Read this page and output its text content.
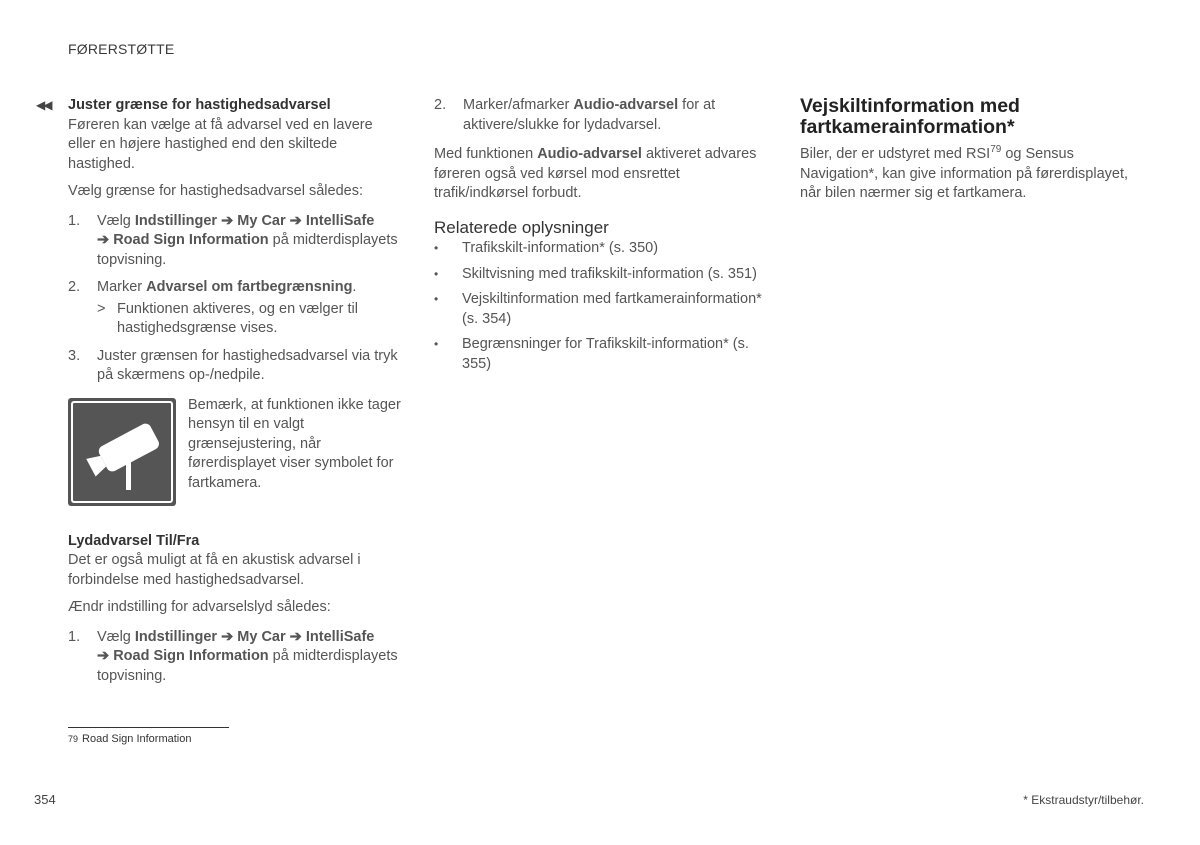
FØRERSTØTTE
◀◀ Juster grænse for hastighedsadvarsel

Føreren kan vælge at få advarsel ved en lavere eller en højere hastighed end den skiltede hastighed.

Vælg grænse for hastighedsadvarsel således:

1.	Vælg Indstillinger ➔ My Car ➔ IntelliSafe
➔ Road Sign Information på midterdisplayets topvisning.
2.	Marker Advarsel om fartbegrænsning.
> Funktionen aktiveres, og en vælger til hastighedsgrænse vises.
3.	Juster grænsen for hastighedsadvarsel via tryk på skærmens op-/nedpile.
Bemærk, at funktionen ikke tager hensyn til en valgt grænsejustering, når førerdisplayet viser symbolet for fartkamera.
Lydadvarsel Til/Fra

Det er også muligt at få en akustisk advarsel i forbindelse med hastighedsadvarsel.

Ændr indstilling for advarselslyd således:

1.	Vælg Indstillinger ➔ My Car ➔ IntelliSafe
➔ Road Sign Information på midterdisplayets topvisning.
2.	Marker/afmarker Audio-advarsel for at aktivere/slukke for lydadvarsel.

Med funktionen Audio-advarsel aktiveret advares føreren også ved kørsel mod ensrettet trafik/indkørsel forbudt.

Relaterede oplysninger
•	Trafikskilt-information* (s. 350)
•	Skiltvisning med trafikskilt-information (s. 351)
•	Vejskiltinformation med fartkamerainformation* (s. 354)
•	Begrænsninger for Trafikskilt-information* (s. 355)
Vejskiltinformation med fartkamerainformation*

Biler, der er udstyret med RSI$^{79}$ og Sensus Navigation*, kan give information på førerdisplayet, når bilen nærmer sig et fartkamera.

79 Road Sign Information
354	* Ekstraudstyr/tilbehør.
